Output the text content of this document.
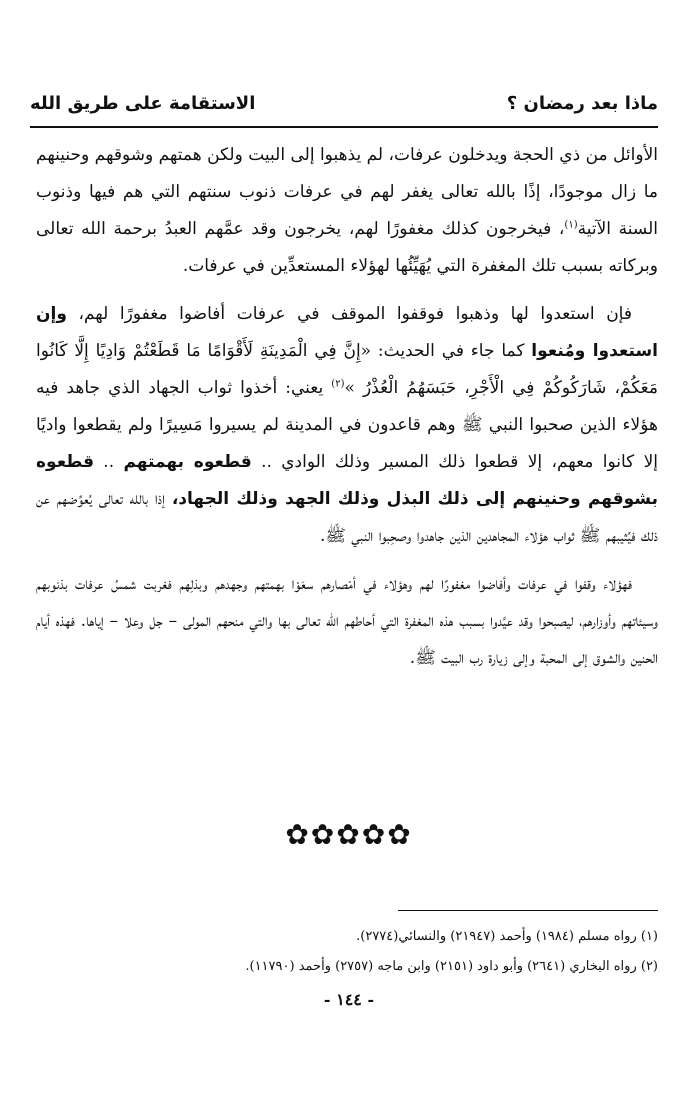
الاستقامة على طريق الله	ماذا بعد رمضان ؟

الأوائل من ذي الحجة ويدخلون عرفات، لم يذهبوا إلى البيت ولكن همتهم وشوقهم وحنينهم ما زال موجودًا، إذًا بالله تعالى يغفر لهم في عرفات ذنوب سنتهم التي هم فيها وذنوب السنة الآتية$^{(١)}$، فيخرجون كذلك مغفورًا لهم، يخرجون وقد عمَّهم العبدُ برحمة الله تعالى وبركاته بسبب تلك المغفرة التي يُهَيِّئُها لهؤلاء المستعدِّين في عرفات.

فإن استعدوا لها وذهبوا فوقفوا الموقف في عرفات أفاضوا مغفورًا لهم، وإن استعدوا ومُنعوا كما جاء في الحديث: «إِنَّ فِي الْمَدِينَةِ لَأَقْوَامًا مَا قَطَعْتُمْ وَادِيًا إِلَّا كَانُوا مَعَكُمْ، شَارَكُوكُمْ فِي الْأَجْرِ، حَبَسَهُمُ الْعُذْرُ »$^{(٢)}$ يعني: أخذوا ثواب الجهاد الذي جاهد فيه هؤلاء الذين صحبوا النبي ﷺ وهم قاعدون في المدينة لم يسيروا مَسِيرًا ولم يقطعوا واديًا إلا كانوا معهم، إلا قطعوا ذلك المسير وذلك الوادي .. قطعوه بهمتهم .. قطعوه بشوقهم وحنينهم إلى ذلك البذل وذلك الجهد وذلك الجهاد، إذا بالله تعالى يُعوِّضهم عن ذلك فيُثيبهم ﷺ ثواب هؤلاء المجاهدين الذين جاهدوا وصحِبوا النبي ﷺ.

فهؤلاء وقفوا في عرفات وأفاضوا مغفورًا لهم وهؤلاء في أمْصارهم سعَوْا بهمتهم وجهدهم وبذلِهم فغربت شمسُ عرفات بذنوبهم وسيئاتهم وأوزارهم، ليصبحوا وقد عيَّدوا بسبب هذه المغفرة التي أحاطهم الله تعالى بها والتي منحهم المولى – جل وعلا – إياها. فهذه أيام الحنين والشوق إلى المحبة وإلى زيارة رب البيت ﷺ.

✿✿✿✿✿

(١) رواه مسلم (١٩٨٤) وأحمد (٢١٩٤٧) والنسائي(٢٧٧٤).

(٢) رواه البخاري (٢٦٤١) وأبو داود (٢١٥١) وابن ماجه (٢٧٥٧) وأحمد (١١٧٩٠).

- ١٤٤ -
